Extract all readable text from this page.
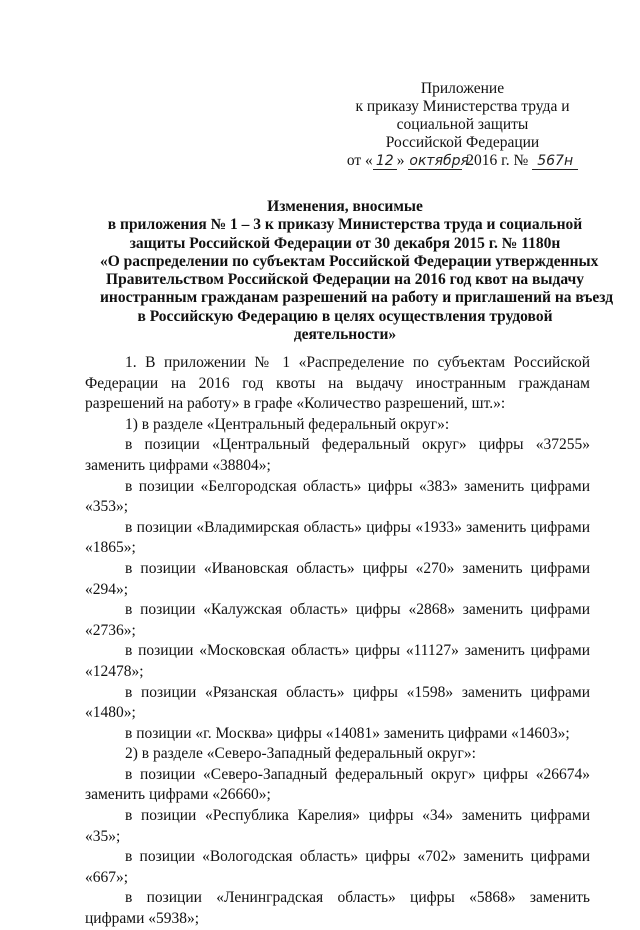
Приложение
к приказу Министерства труда и
социальной защиты
Российской Федерации
от « 12 » октября 2016 г. № 567н
Изменения, вносимые
в приложения № 1 – 3 к приказу Министерства труда и социальной
защиты Российской Федерации от 30 декабря 2015 г. № 1180н
«О распределении по субъектам Российской Федерации утвержденных
Правительством Российской Федерации на 2016 год квот на выдачу
иностранным гражданам разрешений на работу и приглашений на въезд
в Российскую Федерацию в целях осуществления трудовой
деятельности»

1. В приложении № 1 «Распределение по субъектам Российской Федерации на 2016 год квоты на выдачу иностранным гражданам разрешений на работу» в графе «Количество разрешений, шт.»:

1) в разделе «Центральный федеральный округ»:

в позиции «Центральный федеральный округ» цифры «37255» заменить цифрами «38804»;

в позиции «Белгородская область» цифры «383» заменить цифрами «353»;

в позиции «Владимирская область» цифры «1933» заменить цифрами «1865»;

в позиции «Ивановская область» цифры «270» заменить цифрами «294»;

в позиции «Калужская область» цифры «2868» заменить цифрами «2736»;

в позиции «Московская область» цифры «11127» заменить цифрами «12478»;

в позиции «Рязанская область» цифры «1598» заменить цифрами «1480»;

в позиции «г. Москва» цифры «14081» заменить цифрами «14603»;

2) в разделе «Северо-Западный федеральный округ»:

в позиции «Северо-Западный федеральный округ» цифры «26674» заменить цифрами «26660»;

в позиции «Республика Карелия» цифры «34» заменить цифрами «35»;

в позиции «Вологодская область» цифры «702» заменить цифрами «667»;

в позиции «Ленинградская область» цифры «5868» заменить цифрами «5938»;
